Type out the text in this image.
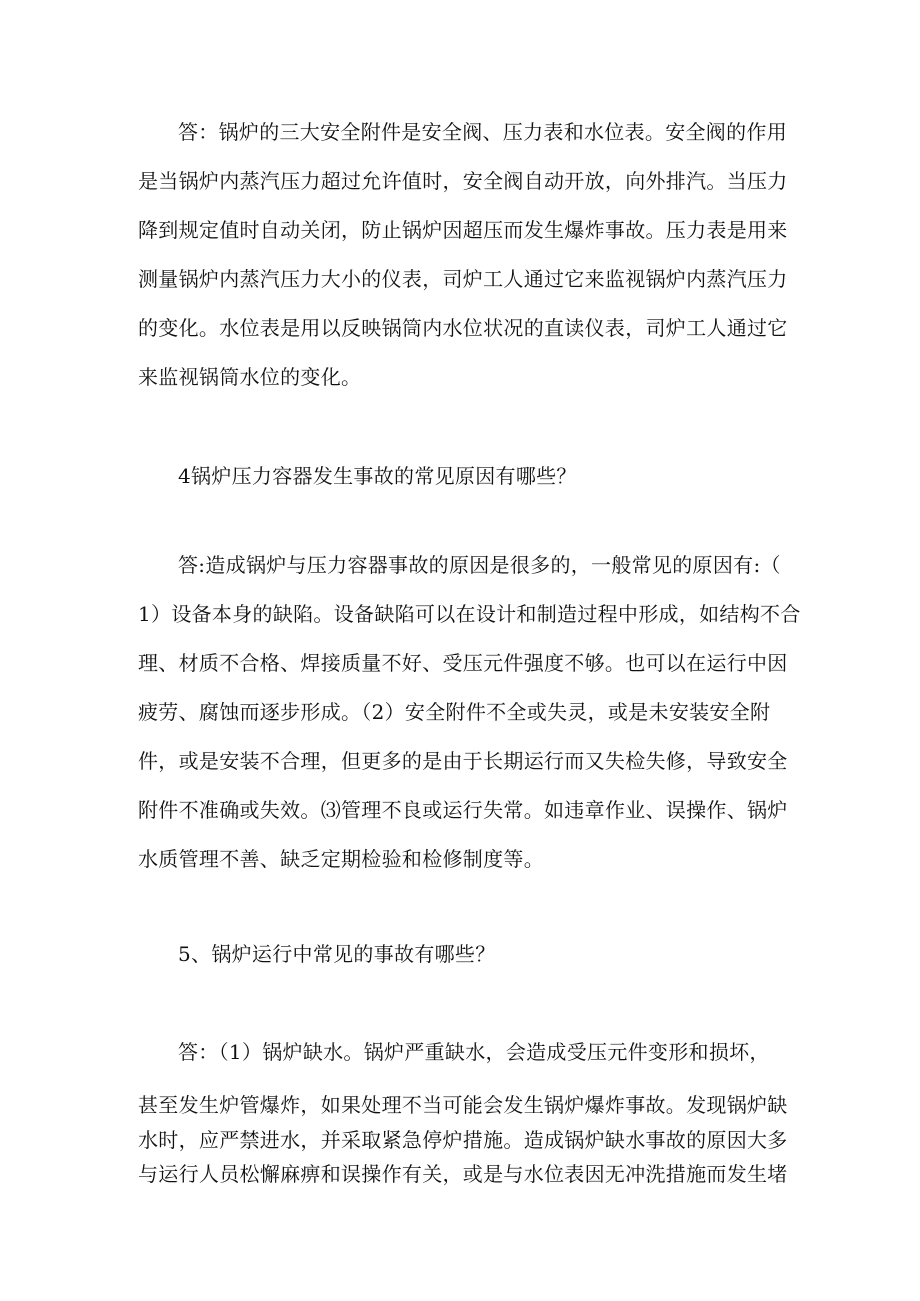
答：锅炉的三大安全附件是安全阀、压力表和水位表。安全阀的作用
是当锅炉内蒸汽压力超过允许值时，安全阀自动开放，向外排汽。当压力
降到规定值时自动关闭，防止锅炉因超压而发生爆炸事故。压力表是用来
测量锅炉内蒸汽压力大小的仪表，司炉工人通过它来监视锅炉内蒸汽压力
的变化。水位表是用以反映锅筒内水位状况的直读仪表，司炉工人通过它
来监视锅筒水位的变化。
4锅炉压力容器发生事故的常见原因有哪些？
答:造成锅炉与压力容器事故的原因是很多的，一般常见的原因有:（
1）设备本身的缺陷。设备缺陷可以在设计和制造过程中形成，如结构不合
理、材质不合格、焊接质量不好、受压元件强度不够。也可以在运行中因
疲劳、腐蚀而逐步形成。（2）安全附件不全或失灵，或是未安装安全附
件，或是安装不合理，但更多的是由于长期运行而又失检失修，导致安全
附件不准确或失效。⑶管理不良或运行失常。如违章作业、误操作、锅炉
水质管理不善、缺乏定期检验和检修制度等。
5、锅炉运行中常见的事故有哪些？
答：（1）锅炉缺水。锅炉严重缺水，会造成受压元件变形和损坏，
甚至发生炉管爆炸，如果处理不当可能会发生锅炉爆炸事故。发现锅炉缺
水时，应严禁进水，并采取紧急停炉措施。造成锅炉缺水事故的原因大多
与运行人员松懈麻痹和误操作有关，或是与水位表因无冲洗措施而发生堵
